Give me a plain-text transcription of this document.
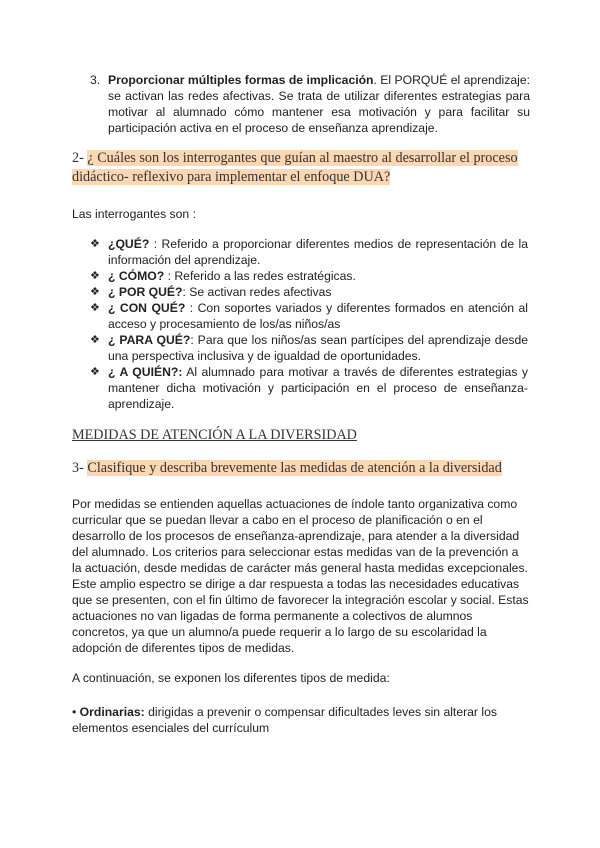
3. Proporcionar múltiples formas de implicación. El PORQUÉ el aprendizaje: se activan las redes afectivas. Se trata de utilizar diferentes estrategias para motivar al alumnado cómo mantener esa motivación y para facilitar su participación activa en el proceso de enseñanza aprendizaje.

2- ¿ Cuáles son los interrogantes que guían al maestro al desarrollar el proceso didáctico- reflexivo para implementar el enfoque DUA?

Las interrogantes son :

❖ ¿QUÉ? : Referido a proporcionar diferentes medios de representación de la información del aprendizaje.

❖ ¿ CÓMO? : Referido a las redes estratégicas.

❖ ¿ POR QUÉ?: Se activan redes afectivas

❖ ¿ CON QUÉ? : Con soportes variados y diferentes formados en atención al acceso y procesamiento de los/as niños/as

❖ ¿ PARA QUÉ?: Para que los niños/as sean partícipes del aprendizaje desde una perspectiva inclusiva y de igualdad de oportunidades.

❖ ¿ A QUIÉN?: Al alumnado para motivar a través de diferentes estrategias y mantener dicha motivación y participación en el proceso de enseñanza-aprendizaje.

MEDIDAS DE ATENCIÓN A LA DIVERSIDAD

3- Clasifique y describa brevemente las medidas de atención a la diversidad

Por medidas se entienden aquellas actuaciones de índole tanto organizativa como curricular que se puedan llevar a cabo en el proceso de planificación o en el desarrollo de los procesos de enseñanza-aprendizaje, para atender a la diversidad del alumnado. Los criterios para seleccionar estas medidas van de la prevención a la actuación, desde medidas de carácter más general hasta medidas excepcionales. Este amplio espectro se dirige a dar respuesta a todas las necesidades educativas que se presenten, con el fin último de favorecer la integración escolar y social. Estas actuaciones no van ligadas de forma permanente a colectivos de alumnos concretos, ya que un alumno/a puede requerir a lo largo de su escolaridad la adopción de diferentes tipos de medidas.

A continuación, se exponen los diferentes tipos de medida:

• Ordinarias: dirigidas a prevenir o compensar dificultades leves sin alterar los elementos esenciales del currículum
